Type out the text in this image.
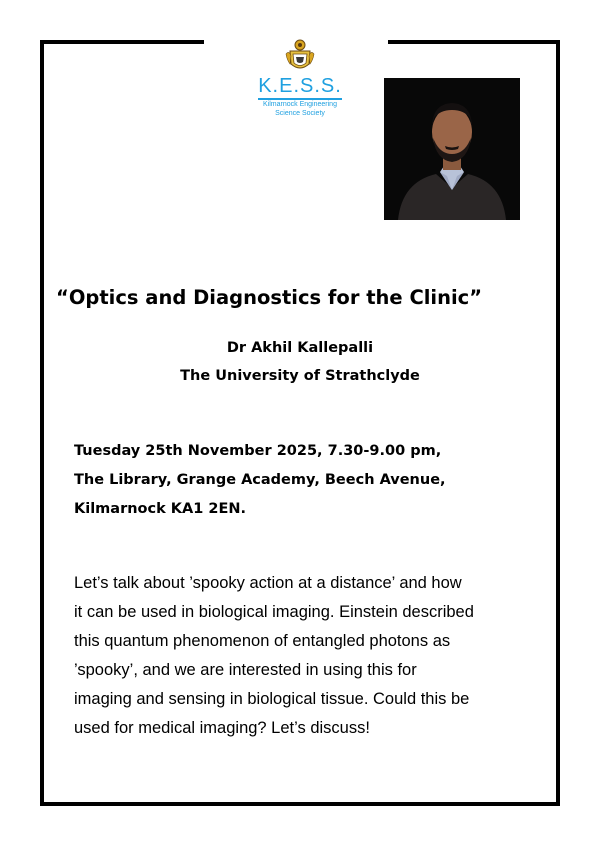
K.E.S.S.
Kilmarnock Engineering
Science Society
“Optics and Diagnostics for the Clinic”
Dr Akhil Kallepalli
The University of Strathclyde
Tuesday 25th November 2025, 7.30-9.00 pm,
The Library, Grange Academy, Beech Avenue,
Kilmarnock KA1 2EN.
Let’s talk about ’spooky action at a distance’ and how
it can be used in biological imaging. Einstein described
this quantum phenomenon of entangled photons as
’spooky’, and we are interested in using this for
imaging and sensing in biological tissue. Could this be
used for medical imaging? Let’s discuss!
